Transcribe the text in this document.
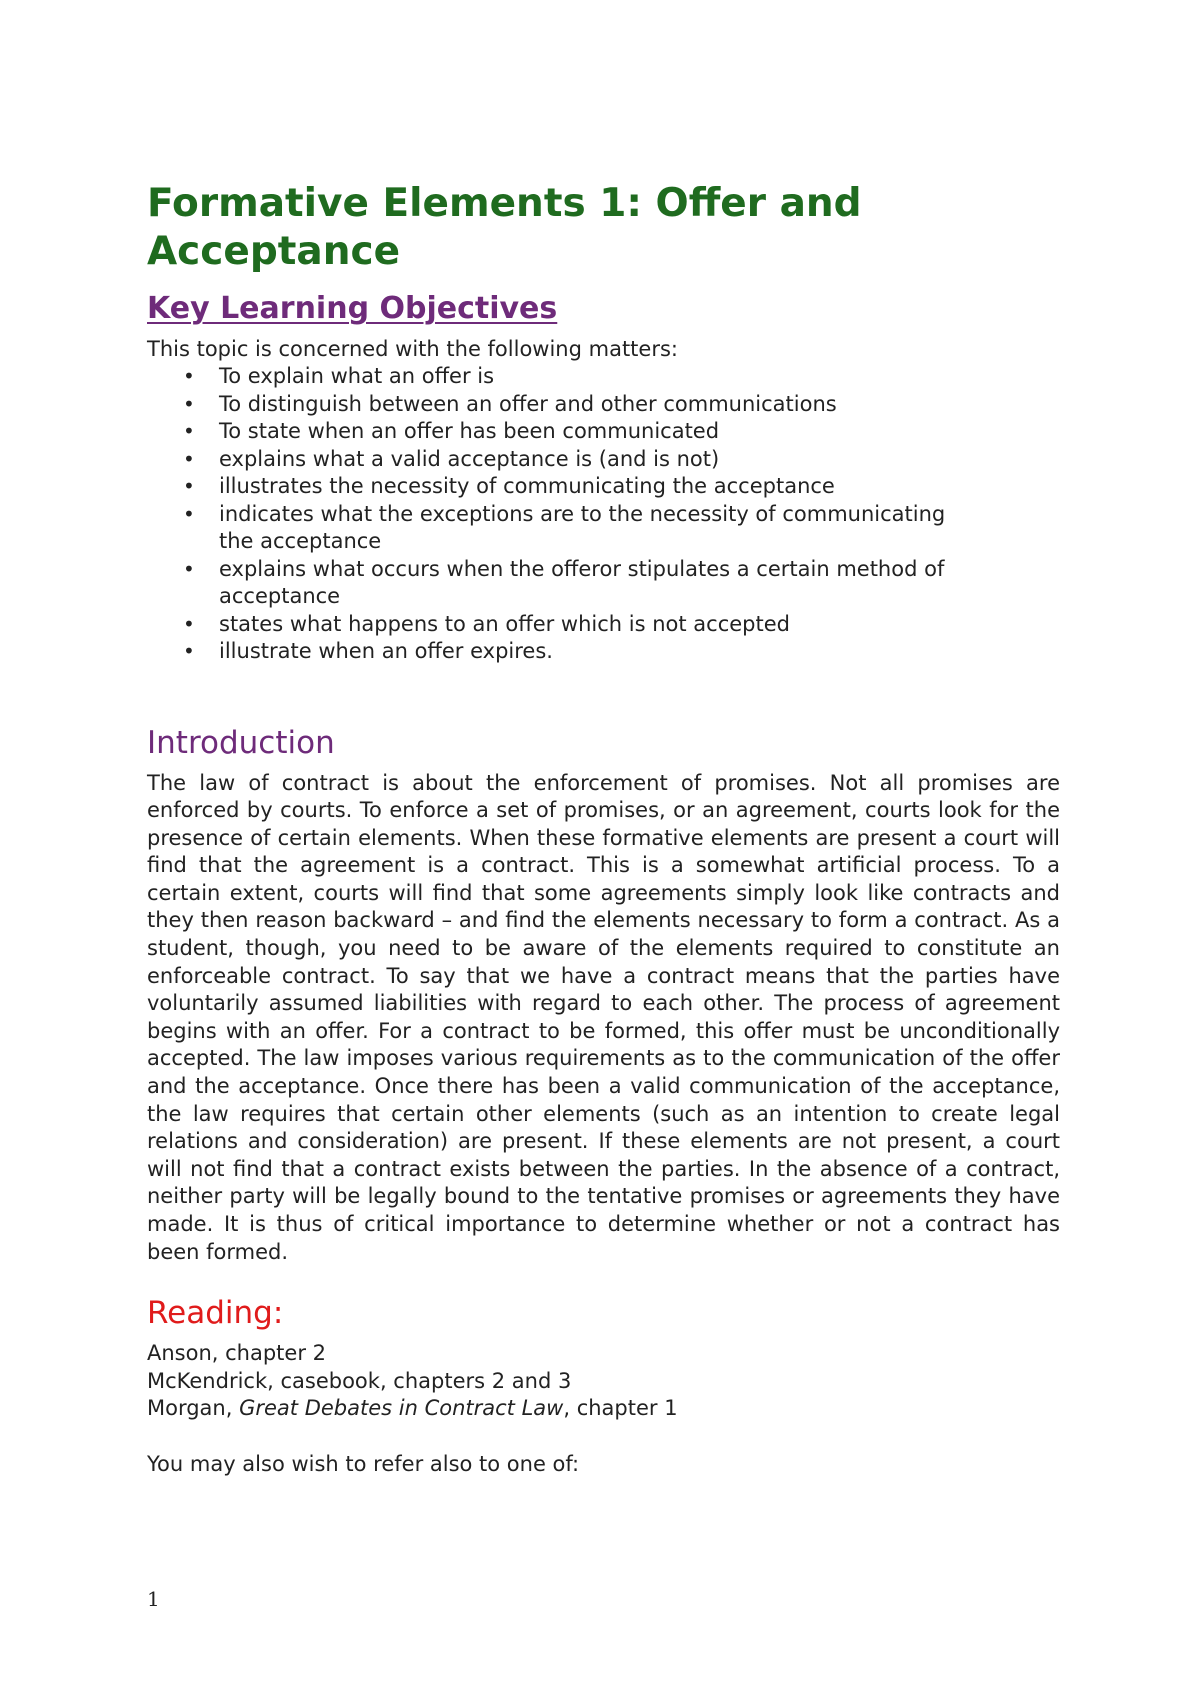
Formative Elements 1: Offer and Acceptance
Key Learning Objectives

This topic is concerned with the following matters:

• To explain what an offer is
• To distinguish between an offer and other communications
• To state when an offer has been communicated
• explains what a valid acceptance is (and is not)
• illustrates the necessity of communicating the acceptance
• indicates what the exceptions are to the necessity of communicating the acceptance
• explains what occurs when the offeror stipulates a certain method of acceptance
• states what happens to an offer which is not accepted
• illustrate when an offer expires.
Introduction

The law of contract is about the enforcement of promises. Not all promises are enforced by courts. To enforce a set of promises, or an agreement, courts look for the presence of certain elements. When these formative elements are present a court will find that the agreement is a contract. This is a somewhat artificial process. To a certain extent, courts will find that some agreements simply look like contracts and they then reason backward – and find the elements necessary to form a contract. As a student, though, you need to be aware of the elements required to constitute an enforceable contract. To say that we have a contract means that the parties have voluntarily assumed liabilities with regard to each other. The process of agreement begins with an offer. For a contract to be formed, this offer must be unconditionally accepted. The law imposes various requirements as to the communication of the offer and the acceptance. Once there has been a valid communication of the acceptance, the law requires that certain other elements (such as an intention to create legal relations and consideration) are present. If these elements are not present, a court will not find that a contract exists between the parties. In the absence of a contract, neither party will be legally bound to the tentative promises or agreements they have made. It is thus of critical importance to determine whether or not a contract has been formed.

Reading:
Anson, chapter 2
McKendrick, casebook, chapters 2 and 3
Morgan, Great Debates in Contract Law, chapter 1

You may also wish to refer also to one of:

1
